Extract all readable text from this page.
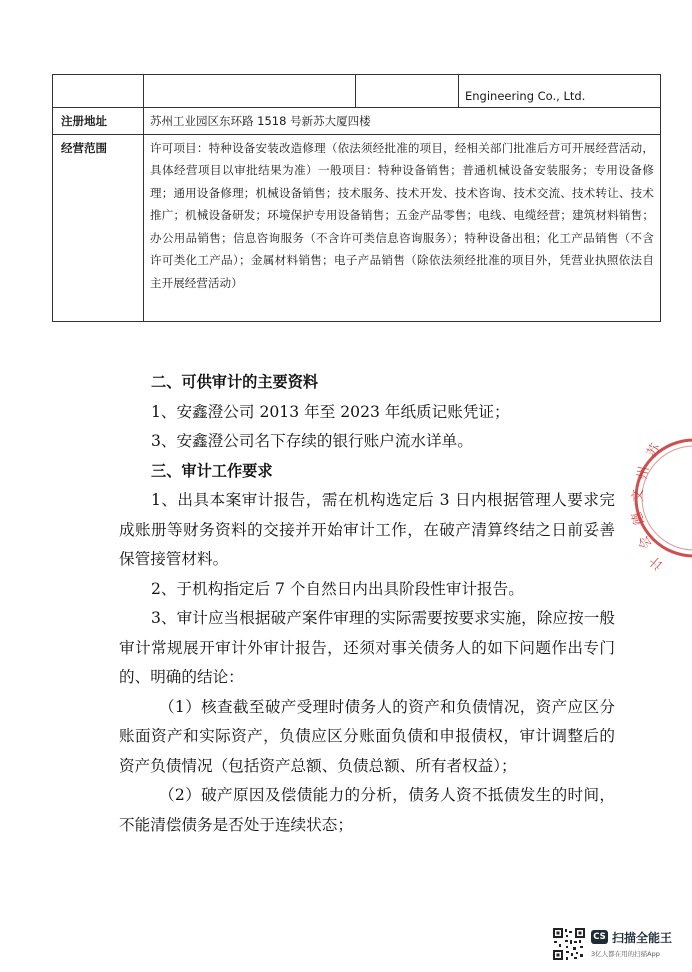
			Engineering Co., Ltd.
注册地址	苏州工业园区东环路 1518 号新苏大厦四楼		
经营范围	许可项目：特种设备安装改造修理（依法须经批准的项目，经相关部门批准后方可开展经营活动，具体经营项目以审批结果为准）一般项目：特种设备销售；普通机械设备安装服务；专用设备修理；通用设备修理；机械设备销售；技术服务、技术开发、技术咨询、技术交流、技术转让、技术推广；机械设备研发；环境保护专用设备销售；五金产品零售；电线、电缆经营；建筑材料销售；办公用品销售；信息咨询服务（不含许可类信息咨询服务）；特种设备出租；化工产品销售（不含许可类化工产品）；金属材料销售；电子产品销售（除依法须经批准的项目外，凭营业执照依法自主开展经营活动）		

二、可供审计的主要资料

1、安鑫澄公司 2013 年至 2023 年纸质记账凭证；

3、安鑫澄公司名下存续的银行账户流水详单。

三、审计工作要求

1、出具本案审计报告，需在机构选定后 3 日内根据管理人要求完成账册等财务资料的交接并开始审计工作，在破产清算终结之日前妥善保管接管材料。

2、于机构指定后 7 个自然日内出具阶段性审计报告。

3、审计应当根据破产案件审理的实际需要按要求实施，除应按一般审计常规展开审计外审计报告，还须对事关债务人的如下问题作出专门的、明确的结论：

（1）核查截至破产受理时债务人的资产和负债情况，资产应区分账面资产和实际资产，负债应区分账面负债和申报债权，审计调整后的资产负债情况（包括资产总额、负债总额、所有者权益）；

（2）破产原因及偿债能力的分析，债务人资不抵债发生的时间，不能清偿债务是否处于连续状态；

苏
州
文
德
会
计
CS 扫描全能王
3亿人都在用的扫描App
